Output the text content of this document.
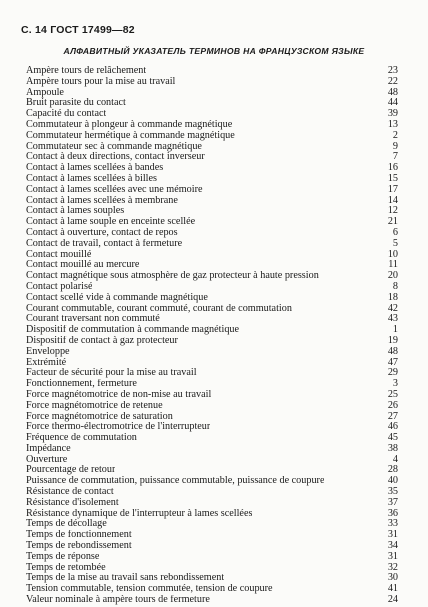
С. 14 ГОСТ 17499—82
АЛФАВИТНЫЙ УКАЗАТЕЛЬ ТЕРМИНОВ НА ФРАНЦУЗСКОМ ЯЗЫКЕ
Ampère tours de relâchement	23
Ampère tours pour la mise au travail	22
Ampoule	48
Bruit parasite du contact	44
Capacité du contact	39
Commutateur à plongeur à commande magnétique	13
Commutateur hermétique à commande magnétique	2
Commutateur sec à commande magnétique	9
Contact à deux directions, contact inverseur	7
Contact à lames scellées à bandes	16
Contact à lames scellées à billes	15
Contact à lames scellées avec une mémoire	17
Contact à lames scellées à membrane	14
Contact à lames souples	12
Contact à lame souple en enceinte scellée	21
Contact à ouverture, contact de repos	6
Contact de travail, contact à fermeture	5
Contact mouillé	10
Contact mouillé au mercure	11
Contact magnétique sous atmosphère de gaz protecteur à haute pression	20
Contact polarisé	8
Contact scellé vide à commande magnétique	18
Courant commutable, courant commuté, courant de commutation	42
Courant traversant non commuté	43
Dispositif de commutation à commande magnétique	1
Dispositif de contact à gaz protecteur	19
Enveloppe	48
Extrémité	47
Facteur de sécurité pour la mise au travail	29
Fonctionnement, fermeture	3
Force magnétomotrice de non-mise au travail	25
Force magnétomotrice de retenue	26
Force magnétomotrice de saturation	27
Force thermo-électromotrice de l'interrupteur	46
Fréquence de commutation	45
Impédance	38
Ouverture	4
Pourcentage de retour	28
Puissance de commutation, puissance commutable, puissance de coupure	40
Résistance de contact	35
Résistance d'isolement	37
Résistance dynamique de l'interrupteur à lames scellées	36
Temps de décollage	33
Temps de fonctionnement	31
Temps de rebondissement	34
Temps de réponse	31
Temps de retombée	32
Temps de la mise au travail sans rebondissement	30
Tension commutable, tension commutée, tension de coupure	41
Valeur nominale à ampère tours de fermeture	24
